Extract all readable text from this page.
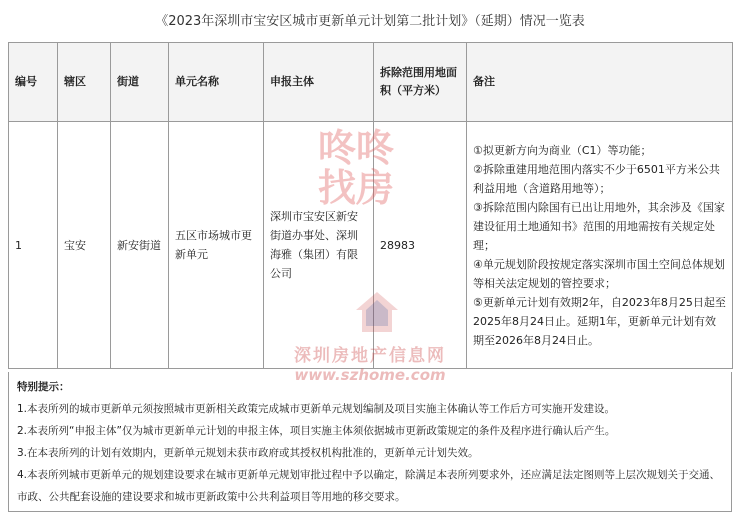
《2023年深圳市宝安区城市更新单元计划第二批计划》（延期）情况一览表
编号	辖区	街道	单元名称	申报主体	拆除范围用地面积（平方米）	备注
1	宝安	新安街道	五区市场城市更新单元	深圳市宝安区新安街道办事处、深圳海雅（集团）有限公司	28983	①拟更新方向为商业（C1）等功能；

②拆除重建用地范围内落实不少于6501平方米公共利益用地（含道路用地等）；

③拆除范围内除国有已出让用地外，其余涉及《国家建设征用土地通知书》范围的用地需按有关规定处理；

④单元规划阶段按规定落实深圳市国土空间总体规划等相关法定规划的管控要求；

⑤更新单元计划有效期2年，自2023年8月25日起至2025年8月24日止。延期1年，更新单元计划有效期至2026年8月24日止。

特别提示：

1.本表所列的城市更新单元须按照城市更新相关政策完成城市更新单元规划编制及项目实施主体确认等工作后方可实施开发建设。

2.本表所列“申报主体”仅为城市更新单元计划的申报主体，项目实施主体须依据城市更新政策规定的条件及程序进行确认后产生。

3.在本表所列的计划有效期内，更新单元规划未获市政府或其授权机构批准的，更新单元计划失效。

4.本表所列城市更新单元的规划建设要求在城市更新单元规划审批过程中予以确定，除满足本表所列要求外，还应满足法定图则等上层次规划关于交通、市政、公共配套设施的建设要求和城市更新政策中公共利益项目等用地的移交要求。

咚 咚
找 房
深圳房地产信息网
www.szhome.com
